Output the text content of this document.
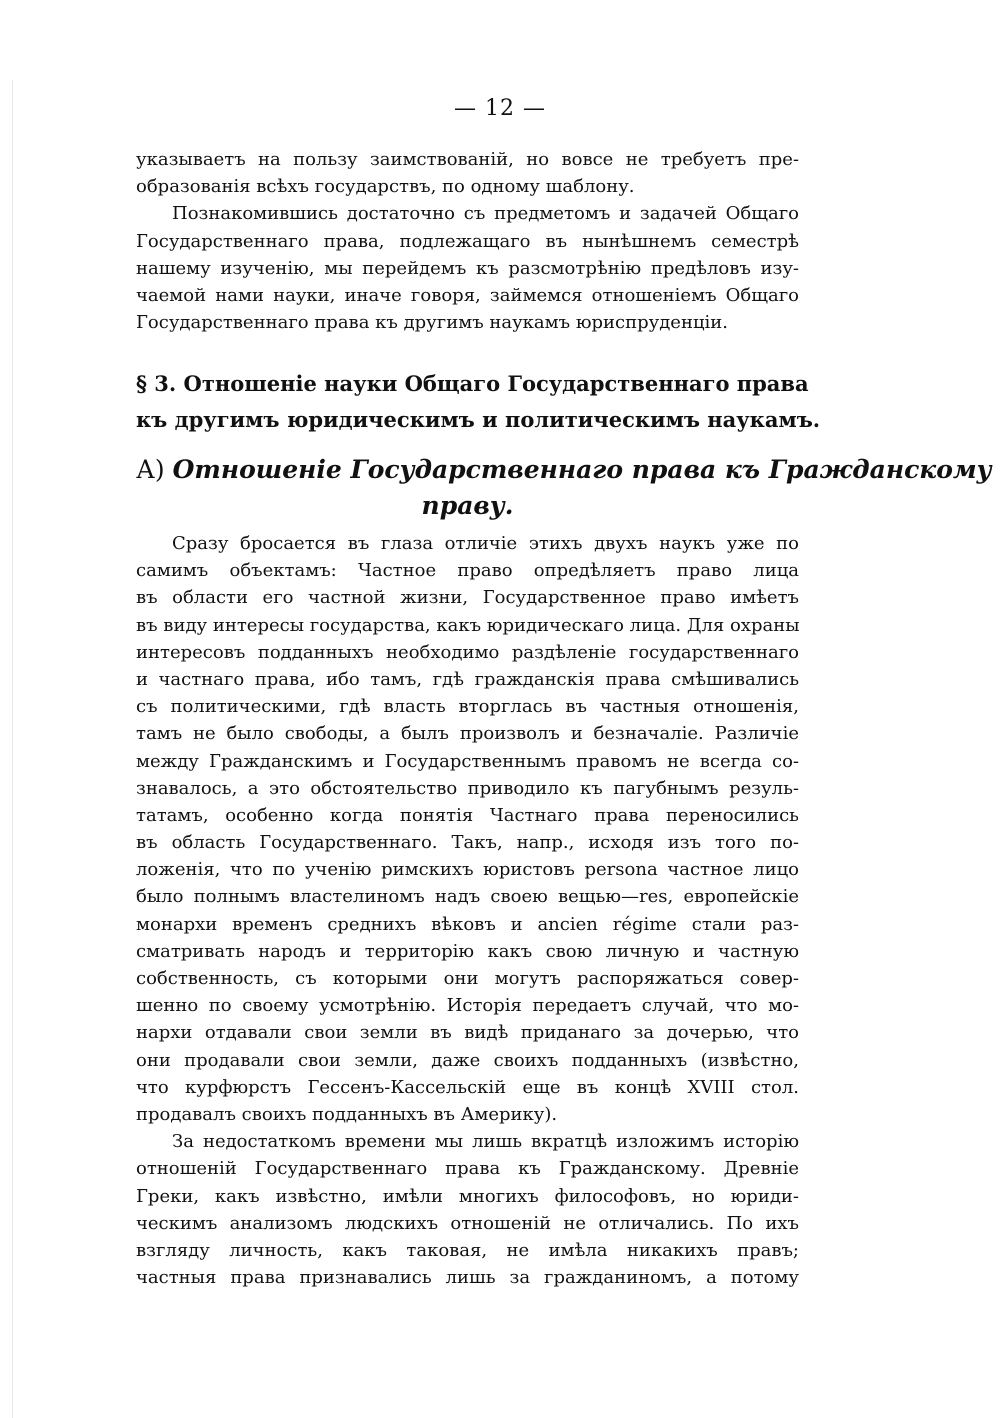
— 12 —
указываетъ на пользу заимствованій, но вовсе не требуетъ пре-
образованія всѣхъ государствъ, по одному шаблону.
Познакомившись достаточно съ предметомъ и задачей Общаго
Государственнаго права, подлежащаго въ нынѣшнемъ семестрѣ
нашему изученію, мы перейдемъ къ разсмотрѣнію предѣловъ изу-
чаемой нами науки, иначе говоря, займемся отношеніемъ Общаго
Государственнаго права къ другимъ наукамъ юриспруденціи.
§ 3. Отношеніе науки Общаго Государственнаго права
къ другимъ юридическимъ и политическимъ наукамъ.
А) Отношеніе Государственнаго права къ Гражданскому
праву.
Сразу бросается въ глаза отличіе этихъ двухъ наукъ уже по
самимъ объектамъ: Частное право опредѣляетъ право лица
въ области его частной жизни, Государственное право имѣетъ
въ виду интересы государства, какъ юридическаго лица. Для охраны
интересовъ подданныхъ необходимо раздѣленіе государственнаго
и частнаго права, ибо тамъ, гдѣ гражданскія права смѣшивались
съ политическими, гдѣ власть вторглась въ частныя отношенія,
тамъ не было свободы, а былъ произволъ и безначаліе. Различіе
между Гражданскимъ и Государственнымъ правомъ не всегда со-
знавалось, а это обстоятельство приводило къ пагубнымъ резуль-
татамъ, особенно когда понятія Частнаго права переносились
въ область Государственнаго. Такъ, напр., исходя изъ того по-
ложенія, что по ученію римскихъ юристовъ persona частное лицо
было полнымъ властелиномъ надъ своею вещью—res, европейскіе
монархи временъ среднихъ вѣковъ и ancien régime стали раз-
сматривать народъ и территорію какъ свою личную и частную
собственность, съ которыми они могутъ распоряжаться совер-
шенно по своему усмотрѣнію. Исторія передаетъ случай, что мо-
нархи отдавали свои земли въ видѣ приданаго за дочерью, что
они продавали свои земли, даже своихъ подданныхъ (извѣстно,
что курфюрстъ Гессенъ-Кассельскій еще въ концѣ XVIII стол.
продавалъ своихъ подданныхъ въ Америку).
За недостаткомъ времени мы лишь вкратцѣ изложимъ исторію
отношеній Государственнаго права къ Гражданскому. Древніе
Греки, какъ извѣстно, имѣли многихъ философовъ, но юриди-
ческимъ анализомъ людскихъ отношеній не отличались. По ихъ
взгляду личность, какъ таковая, не имѣла никакихъ правъ;
частныя права признавались лишь за гражданиномъ, а потому
